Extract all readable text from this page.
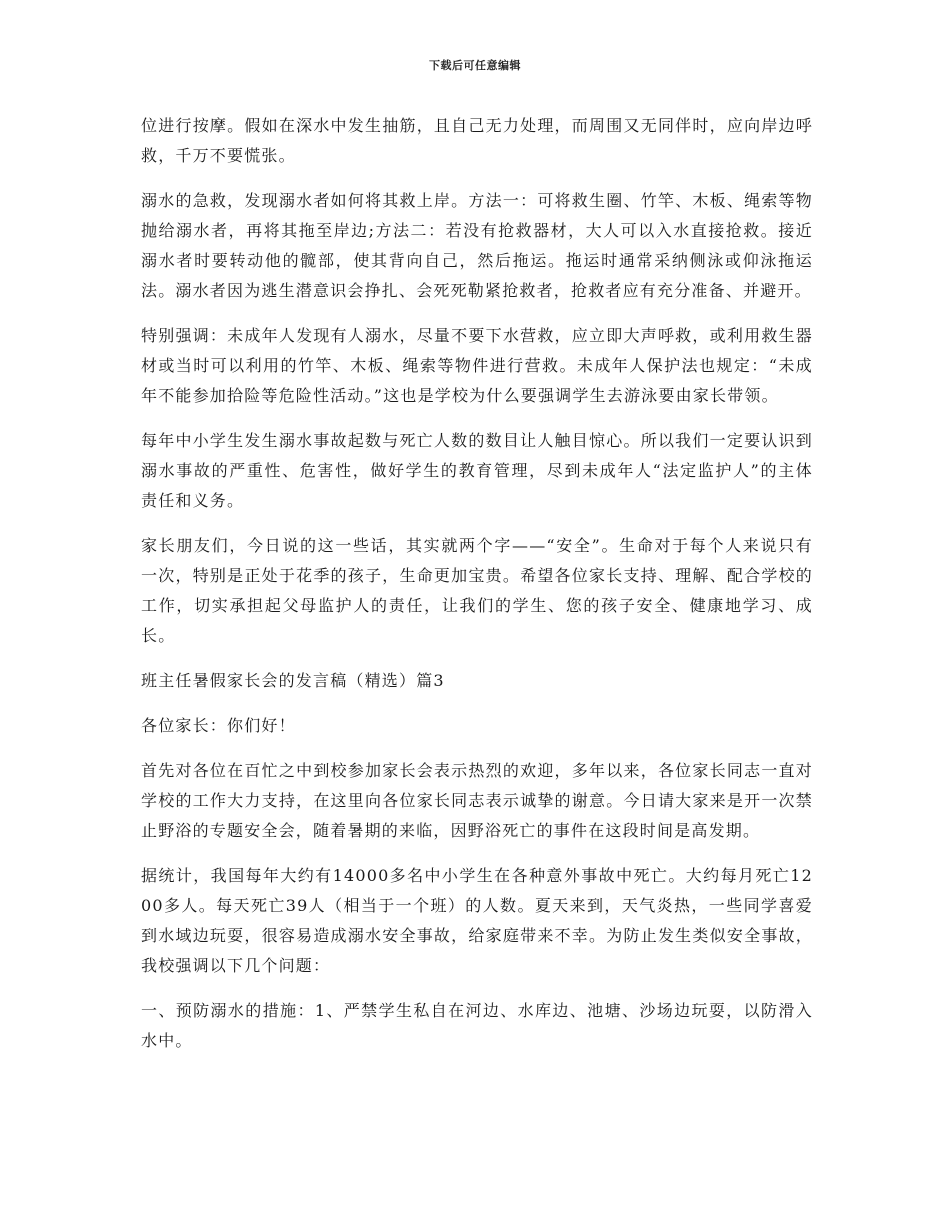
下载后可任意编辑

位进行按摩。假如在深水中发生抽筋，且自己无力处理，而周围又无同伴时，应向岸边呼救，千万不要慌张。

溺水的急救，发现溺水者如何将其救上岸。方法一：可将救生圈、竹竿、木板、绳索等物抛给溺水者，再将其拖至岸边;方法二：若没有抢救器材，大人可以入水直接抢救。接近溺水者时要转动他的髋部，使其背向自己，然后拖运。拖运时通常采纳侧泳或仰泳拖运法。溺水者因为逃生潜意识会挣扎、会死死勒紧抢救者，抢救者应有充分准备、并避开。

特别强调：未成年人发现有人溺水，尽量不要下水营救，应立即大声呼救，或利用救生器材或当时可以利用的竹竿、木板、绳索等物件进行营救。未成年人保护法也规定：“未成年不能参加拾险等危险性活动。”这也是学校为什么要强调学生去游泳要由家长带领。

每年中小学生发生溺水事故起数与死亡人数的数目让人触目惊心。所以我们一定要认识到溺水事故的严重性、危害性，做好学生的教育管理，尽到未成年人“法定监护人”的主体责任和义务。

家长朋友们，今日说的这一些话，其实就两个字——“安全”。生命对于每个人来说只有一次，特别是正处于花季的孩子，生命更加宝贵。希望各位家长支持、理解、配合学校的工作，切实承担起父母监护人的责任，让我们的学生、您的孩子安全、健康地学习、成长。

班主任暑假家长会的发言稿（精选）篇3

各位家长：你们好！

首先对各位在百忙之中到校参加家长会表示热烈的欢迎，多年以来，各位家长同志一直对学校的工作大力支持，在这里向各位家长同志表示诚挚的谢意。今日请大家来是开一次禁止野浴的专题安全会，随着暑期的来临，因野浴死亡的事件在这段时间是高发期。

据统计，我国每年大约有14000多名中小学生在各种意外事故中死亡。大约每月死亡1200多人。每天死亡39人（相当于一个班）的人数。夏天来到，天气炎热，一些同学喜爱到水域边玩耍，很容易造成溺水安全事故，给家庭带来不幸。为防止发生类似安全事故，我校强调以下几个问题：

一、预防溺水的措施：1、严禁学生私自在河边、水库边、池塘、沙场边玩耍，以防滑入水中。
